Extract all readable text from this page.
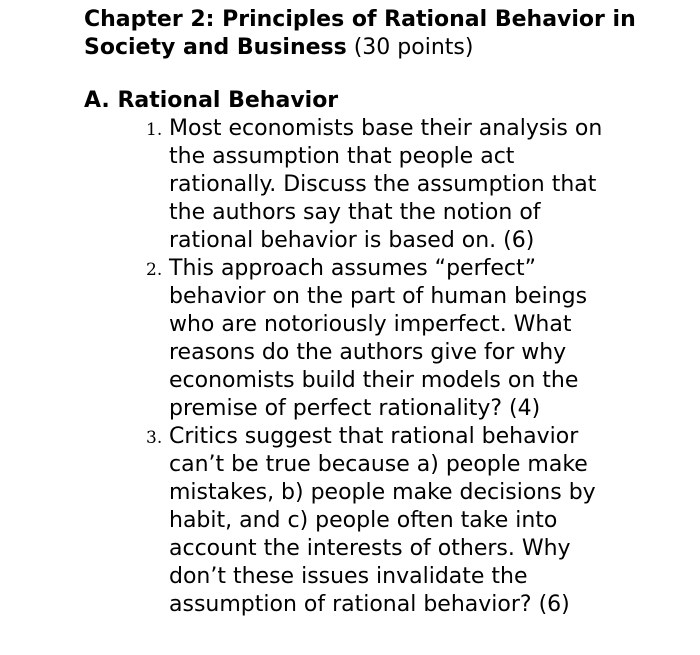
Chapter 2: Principles of Rational Behavior in Society and Business (30 points)
A. Rational Behavior
1. Most economists base their analysis on the assumption that people act rationally. Discuss the assumption that the authors say that the notion of rational behavior is based on. (6)
2. This approach assumes “perfect” behavior on the part of human beings who are notoriously imperfect. What reasons do the authors give for why economists build their models on the premise of perfect rationality? (4)
3. Critics suggest that rational behavior can’t be true because a) people make mistakes, b) people make decisions by habit, and c) people often take into account the interests of others. Why don’t these issues invalidate the assumption of rational behavior? (6)
